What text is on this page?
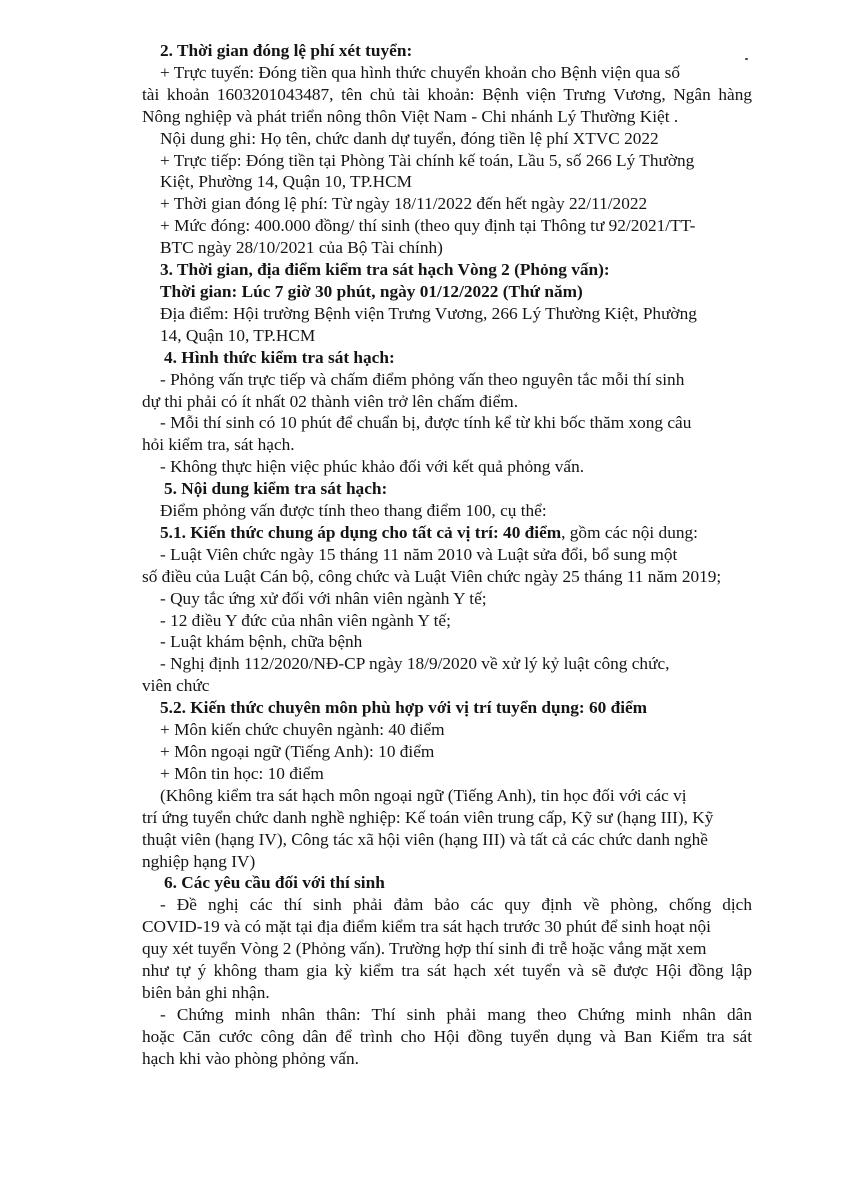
2. Thời gian đóng lệ phí xét tuyển:
+ Trực tuyến: Đóng tiền qua hình thức chuyển khoản cho Bệnh viện qua số
tài khoản 1603201043487, tên chủ tài khoản: Bệnh viện Trưng Vương, Ngân hàng
Nông nghiệp và phát triển nông thôn Việt Nam - Chi nhánh Lý Thường Kiệt .
Nội dung ghi: Họ tên, chức danh dự tuyển, đóng tiền lệ phí XTVC 2022
+ Trực tiếp: Đóng tiền tại Phòng Tài chính kế toán, Lầu 5, số 266 Lý Thường
Kiệt, Phường 14, Quận 10, TP.HCM
+ Thời gian đóng lệ phí: Từ ngày 18/11/2022 đến hết ngày 22/11/2022
+ Mức đóng: 400.000 đồng/ thí sinh (theo quy định tại Thông tư 92/2021/TT-
BTC ngày 28/10/2021 của Bộ Tài chính)
3. Thời gian, địa điểm kiểm tra sát hạch Vòng 2 (Phỏng vấn):
Thời gian: Lúc 7 giờ 30 phút, ngày 01/12/2022 (Thứ năm)
Địa điểm: Hội trường Bệnh viện Trưng Vương, 266 Lý Thường Kiệt, Phường
14, Quận 10, TP.HCM
4. Hình thức kiểm tra sát hạch:
- Phỏng vấn trực tiếp và chấm điểm phỏng vấn theo nguyên tắc mỗi thí sinh
dự thi phải có ít nhất 02 thành viên trở lên chấm điểm.
- Mỗi thí sinh có 10 phút để chuẩn bị, được tính kể từ khi bốc thăm xong câu
hỏi kiểm tra, sát hạch.
- Không thực hiện việc phúc khảo đối với kết quả phỏng vấn.
5. Nội dung kiểm tra sát hạch:
Điểm phỏng vấn được tính theo thang điểm 100, cụ thể:
5.1. Kiến thức chung áp dụng cho tất cả vị trí: 40 điểm, gồm các nội dung:
- Luật Viên chức ngày 15 tháng 11 năm 2010 và Luật sửa đổi, bổ sung một
số điều của Luật Cán bộ, công chức và Luật Viên chức ngày 25 tháng 11 năm 2019;
- Quy tắc ứng xử đối với nhân viên ngành Y tế;
- 12 điều Y đức của nhân viên ngành Y tế;
- Luật khám bệnh, chữa bệnh
- Nghị định 112/2020/NĐ-CP ngày 18/9/2020 về xử lý kỷ luật công chức,
viên chức
5.2. Kiến thức chuyên môn phù hợp với vị trí tuyển dụng: 60 điểm
+ Môn kiến chức chuyên ngành: 40 điểm
+ Môn ngoại ngữ (Tiếng Anh): 10 điểm
+ Môn tin học: 10 điểm
(Không kiểm tra sát hạch môn ngoại ngữ (Tiếng Anh), tin học đối với các vị
trí ứng tuyển chức danh nghề nghiệp: Kế toán viên trung cấp, Kỹ sư (hạng III), Kỹ
thuật viên (hạng IV), Công tác xã hội viên (hạng III) và tất cả các chức danh nghề
nghiệp hạng IV)
6. Các yêu cầu đối với thí sinh
- Đề nghị các thí sinh phải đảm bảo các quy định về phòng, chống dịch
COVID-19 và có mặt tại địa điểm kiểm tra sát hạch trước 30 phút để sinh hoạt nội
quy xét tuyển Vòng 2 (Phỏng vấn). Trường hợp thí sinh đi trễ hoặc vắng mặt xem
như tự ý không tham gia kỳ kiểm tra sát hạch xét tuyển và sẽ được Hội đồng lập
biên bản ghi nhận.
- Chứng minh nhân thân: Thí sinh phải mang theo Chứng minh nhân dân
hoặc Căn cước công dân để trình cho Hội đồng tuyển dụng và Ban Kiểm tra sát
hạch khi vào phòng phỏng vấn.
